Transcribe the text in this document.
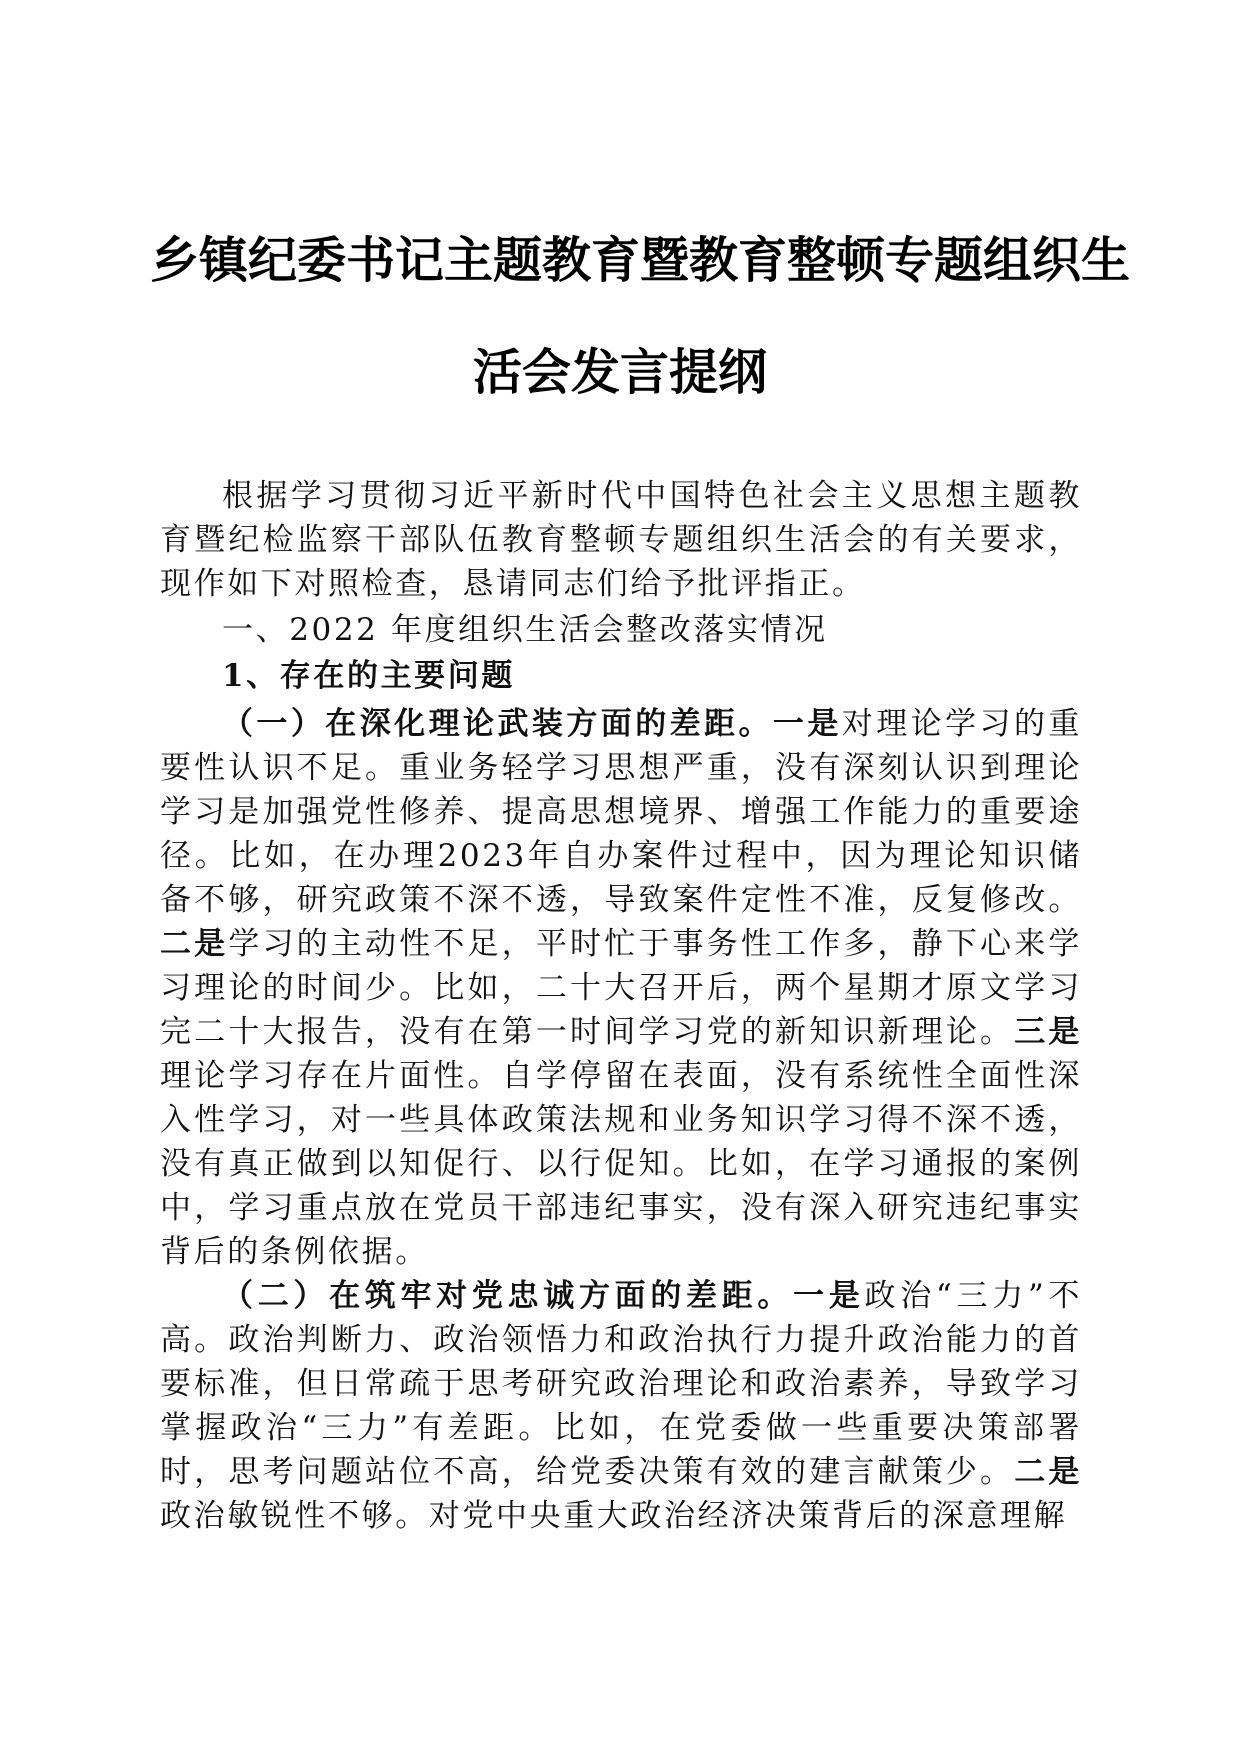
乡镇纪委书记主题教育暨教育整顿专题组织生
活会发言提纲

根据学习贯彻习近平新时代中国特色社会主义思想主题教育暨纪检监察干部队伍教育整顿专题组织生活会的有关要求，现作如下对照检查，恳请同志们给予批评指正。

一、2022 年度组织生活会整改落实情况

1、存在的主要问题

（一）在深化理论武装方面的差距。一是对理论学习的重要性认识不足。重业务轻学习思想严重，没有深刻认识到理论学习是加强党性修养、提高思想境界、增强工作能力的重要途径。比如，在办理2023年自办案件过程中，因为理论知识储备不够，研究政策不深不透，导致案件定性不准，反复修改。二是学习的主动性不足，平时忙于事务性工作多，静下心来学习理论的时间少。比如，二十大召开后，两个星期才原文学习完二十大报告，没有在第一时间学习党的新知识新理论。三是理论学习存在片面性。自学停留在表面，没有系统性全面性深入性学习，对一些具体政策法规和业务知识学习得不深不透，没有真正做到以知促行、以行促知。比如，在学习通报的案例中，学习重点放在党员干部违纪事实，没有深入研究违纪事实背后的条例依据。

（二）在筑牢对党忠诚方面的差距。一是政治“三力”不高。政治判断力、政治领悟力和政治执行力提升政治能力的首要标准，但日常疏于思考研究政治理论和政治素养，导致学习掌握政治“三力”有差距。比如，在党委做一些重要决策部署时，思考问题站位不高，给党委决策有效的建言献策少。二是政治敏锐性不够。对党中央重大政治经济决策背后的深意理解
